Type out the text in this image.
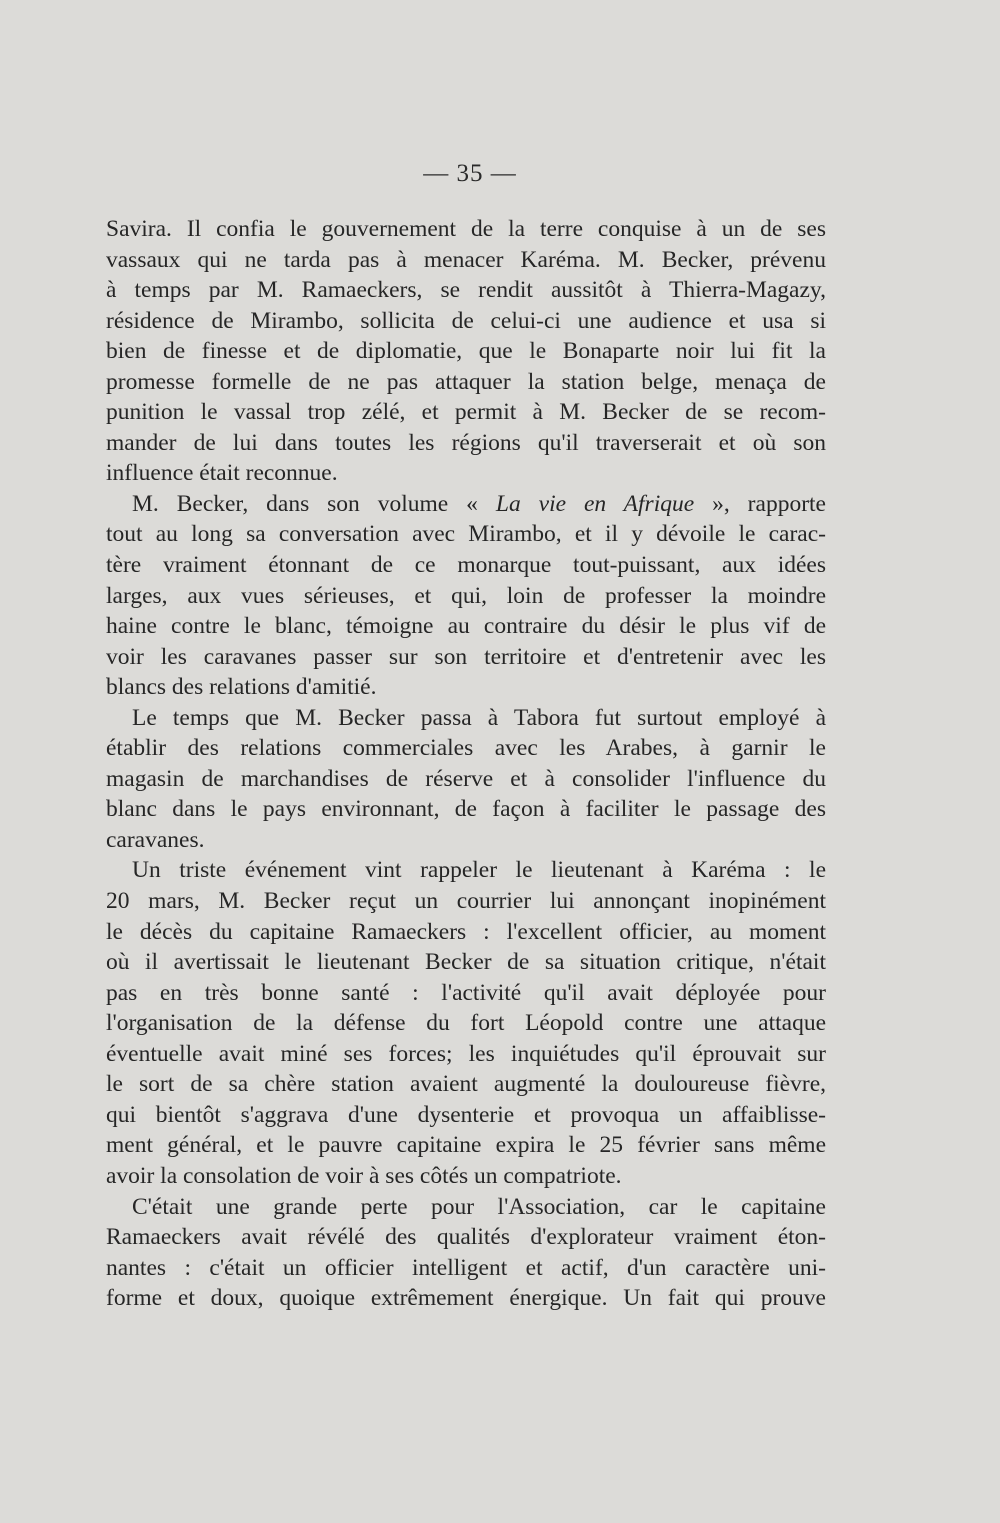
— 35 —

Savira. Il confia le gouvernement de la terre conquise à un de ses
vassaux qui ne tarda pas à menacer Karéma. M. Becker, prévenu
à temps par M. Ramaeckers, se rendit aussitôt à Thierra-Magazy,
résidence de Mirambo, sollicita de celui-ci une audience et usa si
bien de finesse et de diplomatie, que le Bonaparte noir lui fit la
promesse formelle de ne pas attaquer la station belge, menaça de
punition le vassal trop zélé, et permit à M. Becker de se recom-
mander de lui dans toutes les régions qu'il traverserait et où son
influence était reconnue.

M. Becker, dans son volume « La vie en Afrique », rapporte
tout au long sa conversation avec Mirambo, et il y dévoile le carac-
tère vraiment étonnant de ce monarque tout-puissant, aux idées
larges, aux vues sérieuses, et qui, loin de professer la moindre
haine contre le blanc, témoigne au contraire du désir le plus vif de
voir les caravanes passer sur son territoire et d'entretenir avec les
blancs des relations d'amitié.

Le temps que M. Becker passa à Tabora fut surtout employé à
établir des relations commerciales avec les Arabes, à garnir le
magasin de marchandises de réserve et à consolider l'influence du
blanc dans le pays environnant, de façon à faciliter le passage des
caravanes.

Un triste événement vint rappeler le lieutenant à Karéma : le
20 mars, M. Becker reçut un courrier lui annonçant inopinément
le décès du capitaine Ramaeckers : l'excellent officier, au moment
où il avertissait le lieutenant Becker de sa situation critique, n'était
pas en très bonne santé : l'activité qu'il avait déployée pour
l'organisation de la défense du fort Léopold contre une attaque
éventuelle avait miné ses forces; les inquiétudes qu'il éprouvait sur
le sort de sa chère station avaient augmenté la douloureuse fièvre,
qui bientôt s'aggrava d'une dysenterie et provoqua un affaiblisse-
ment général, et le pauvre capitaine expira le 25 février sans même
avoir la consolation de voir à ses côtés un compatriote.

C'était une grande perte pour l'Association, car le capitaine
Ramaeckers avait révélé des qualités d'explorateur vraiment éton-
nantes : c'était un officier intelligent et actif, d'un caractère uni-
forme et doux, quoique extrêmement énergique. Un fait qui prouve
